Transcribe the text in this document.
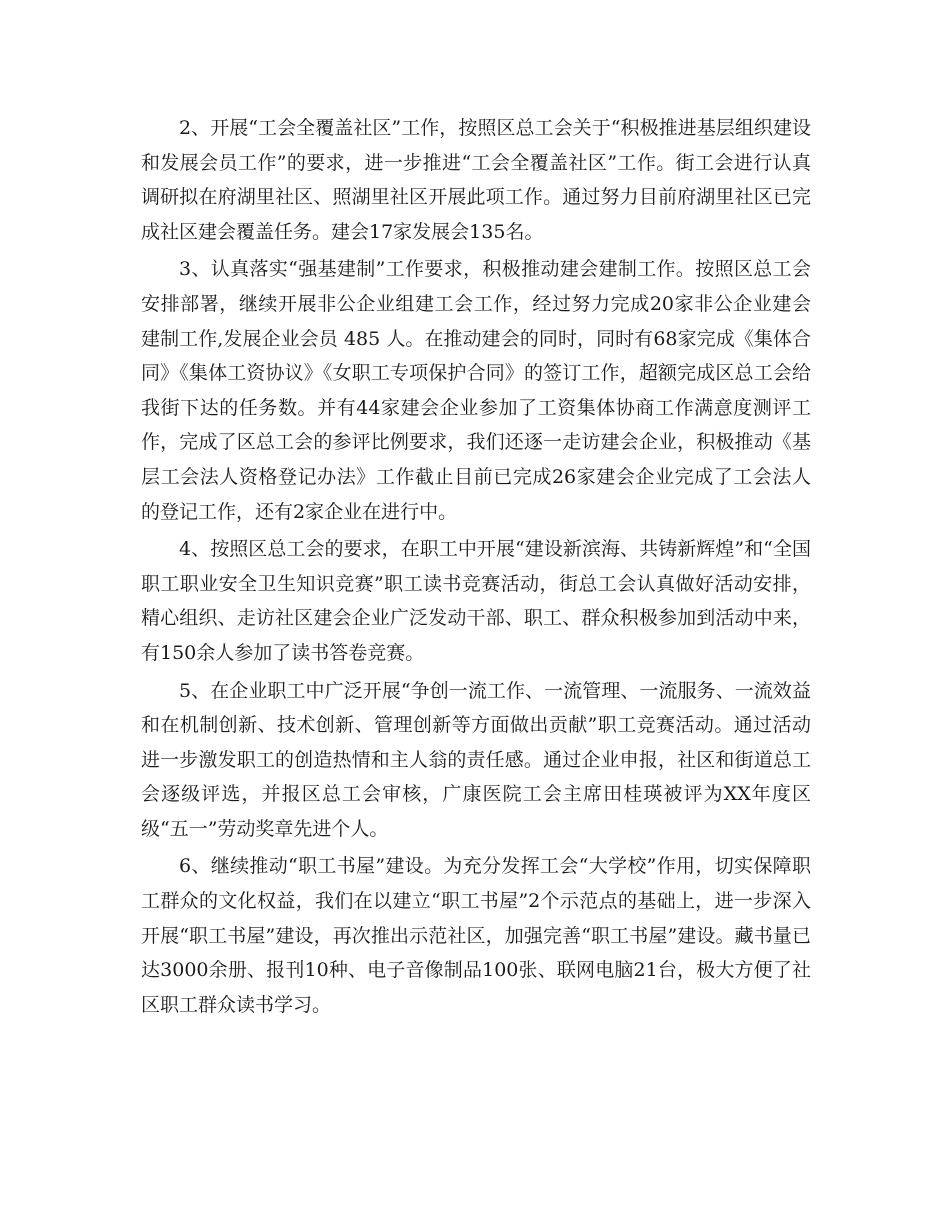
2、开展“工会全覆盖社区”工作，按照区总工会关于“积极推进基层组织建设和发展会员工作”的要求，进一步推进“工会全覆盖社区”工作。街工会进行认真调研拟在府湖里社区、照湖里社区开展此项工作。通过努力目前府湖里社区已完成社区建会覆盖任务。建会17家发展会135名。

3、认真落实“强基建制”工作要求，积极推动建会建制工作。按照区总工会安排部署，继续开展非公企业组建工会工作，经过努力完成20家非公企业建会建制工作,发展企业会员 485 人。在推动建会的同时，同时有68家完成《集体合同》《集体工资协议》《女职工专项保护合同》的签订工作，超额完成区总工会给我街下达的任务数。并有44家建会企业参加了工资集体协商工作满意度测评工作，完成了区总工会的参评比例要求，我们还逐一走访建会企业，积极推动《基层工会法人资格登记办法》工作截止目前已完成26家建会企业完成了工会法人的登记工作，还有2家企业在进行中。

4、按照区总工会的要求，在职工中开展“建设新滨海、共铸新辉煌”和“全国职工职业安全卫生知识竞赛”职工读书竞赛活动，街总工会认真做好活动安排，精心组织、走访社区建会企业广泛发动干部、职工、群众积极参加到活动中来，有150余人参加了读书答卷竞赛。

5、在企业职工中广泛开展“争创一流工作、一流管理、一流服务、一流效益和在机制创新、技术创新、管理创新等方面做出贡献”职工竞赛活动。通过活动进一步激发职工的创造热情和主人翁的责任感。通过企业申报，社区和街道总工会逐级评选，并报区总工会审核，广康医院工会主席田桂瑛被评为XX年度区级“五一”劳动奖章先进个人。

6、继续推动“职工书屋”建设。为充分发挥工会“大学校”作用，切实保障职工群众的文化权益，我们在以建立“职工书屋”2个示范点的基础上，进一步深入开展“职工书屋”建设，再次推出示范社区，加强完善“职工书屋”建设。藏书量已达3000余册、报刊10种、电子音像制品100张、联网电脑21台，极大方便了社区职工群众读书学习。
